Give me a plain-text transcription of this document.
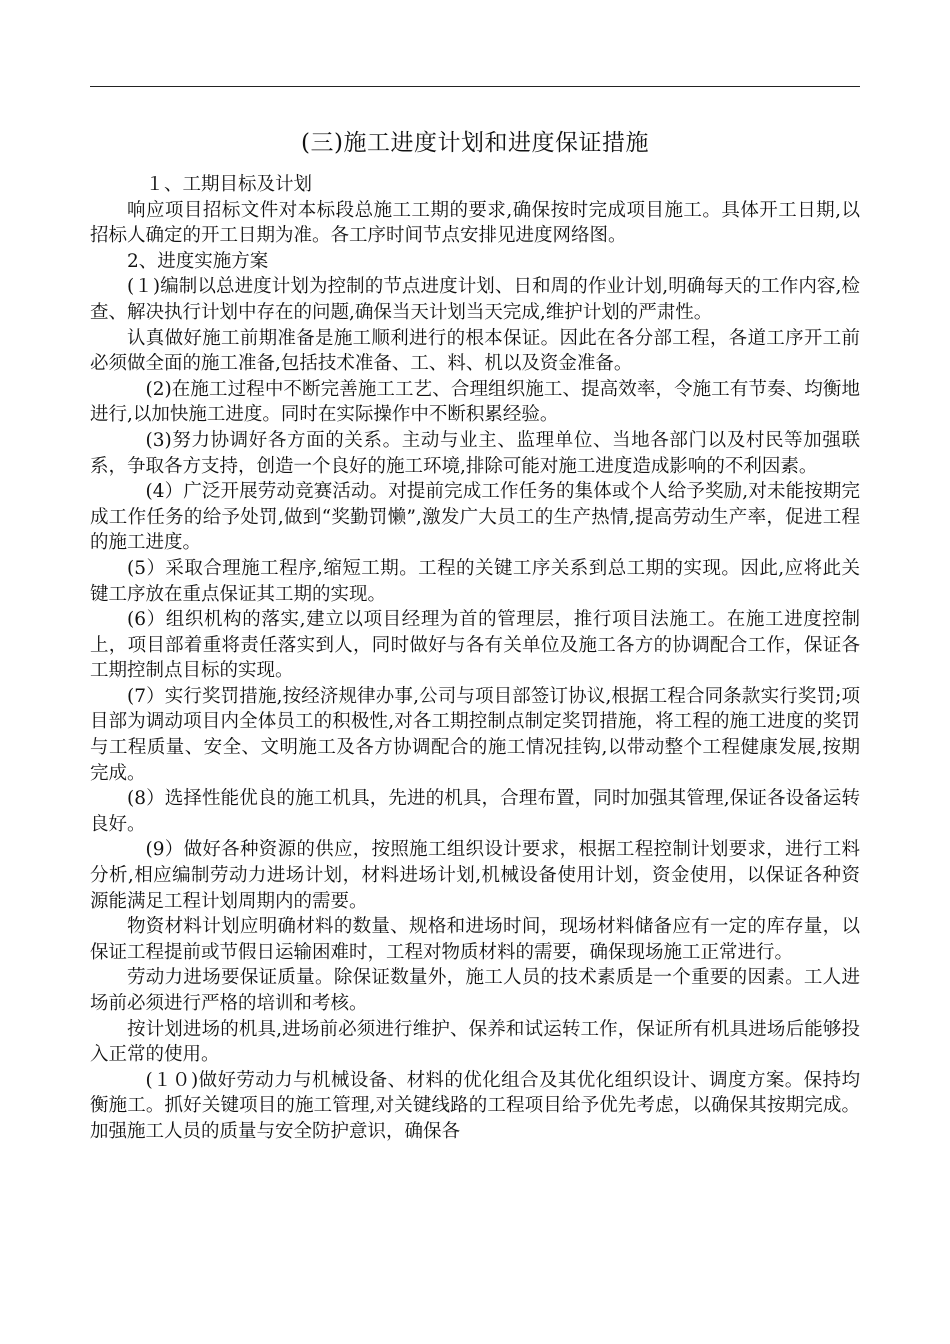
(三)施工进度计划和进度保证措施

１、工期目标及计划

响应项目招标文件对本标段总施工工期的要求,确保按时完成项目施工。具体开工日期,以招标人确定的开工日期为准。各工序时间节点安排见进度网络图。

2、进度实施方案

(１)编制以总进度计划为控制的节点进度计划、日和周的作业计划,明确每天的工作内容,检查、解决执行计划中存在的问题,确保当天计划当天完成,维护计划的严肃性。

认真做好施工前期准备是施工顺利进行的根本保证。因此在各分部工程，各道工序开工前必须做全面的施工准备,包括技术准备、工、料、机以及资金准备。

(2)在施工过程中不断完善施工工艺、合理组织施工、提高效率，令施工有节奏、均衡地进行,以加快施工进度。同时在实际操作中不断积累经验。

(3)努力协调好各方面的关系。主动与业主、监理单位、当地各部门以及村民等加强联系，争取各方支持，创造一个良好的施工环境,排除可能对施工进度造成影响的不利因素。

(4）广泛开展劳动竞赛活动。对提前完成工作任务的集体或个人给予奖励,对未能按期完成工作任务的给予处罚,做到“奖勤罚懒”,激发广大员工的生产热情,提高劳动生产率，促进工程的施工进度。

(5）采取合理施工程序,缩短工期。工程的关键工序关系到总工期的实现。因此,应将此关键工序放在重点保证其工期的实现。

(6）组织机构的落实,建立以项目经理为首的管理层，推行项目法施工。在施工进度控制上，项目部着重将责任落实到人，同时做好与各有关单位及施工各方的协调配合工作，保证各工期控制点目标的实现。

(7）实行奖罚措施,按经济规律办事,公司与项目部签订协议,根据工程合同条款实行奖罚;项目部为调动项目内全体员工的积极性,对各工期控制点制定奖罚措施，将工程的施工进度的奖罚与工程质量、安全、文明施工及各方协调配合的施工情况挂钩,以带动整个工程健康发展,按期完成。

(8）选择性能优良的施工机具，先进的机具，合理布置，同时加强其管理,保证各设备运转良好。

(9）做好各种资源的供应，按照施工组织设计要求，根据工程控制计划要求，进行工料分析,相应编制劳动力进场计划，材料进场计划,机械设备使用计划，资金使用，以保证各种资源能满足工程计划周期内的需要。

物资材料计划应明确材料的数量、规格和进场时间，现场材料储备应有一定的库存量，以保证工程提前或节假日运输困难时，工程对物质材料的需要，确保现场施工正常进行。

劳动力进场要保证质量。除保证数量外，施工人员的技术素质是一个重要的因素。工人进场前必须进行严格的培训和考核。

按计划进场的机具,进场前必须进行维护、保养和试运转工作，保证所有机具进场后能够投入正常的使用。

(１０)做好劳动力与机械设备、材料的优化组合及其优化组织设计、调度方案。保持均衡施工。抓好关键项目的施工管理,对关键线路的工程项目给予优先考虑，以确保其按期完成。加强施工人员的质量与安全防护意识，确保各
